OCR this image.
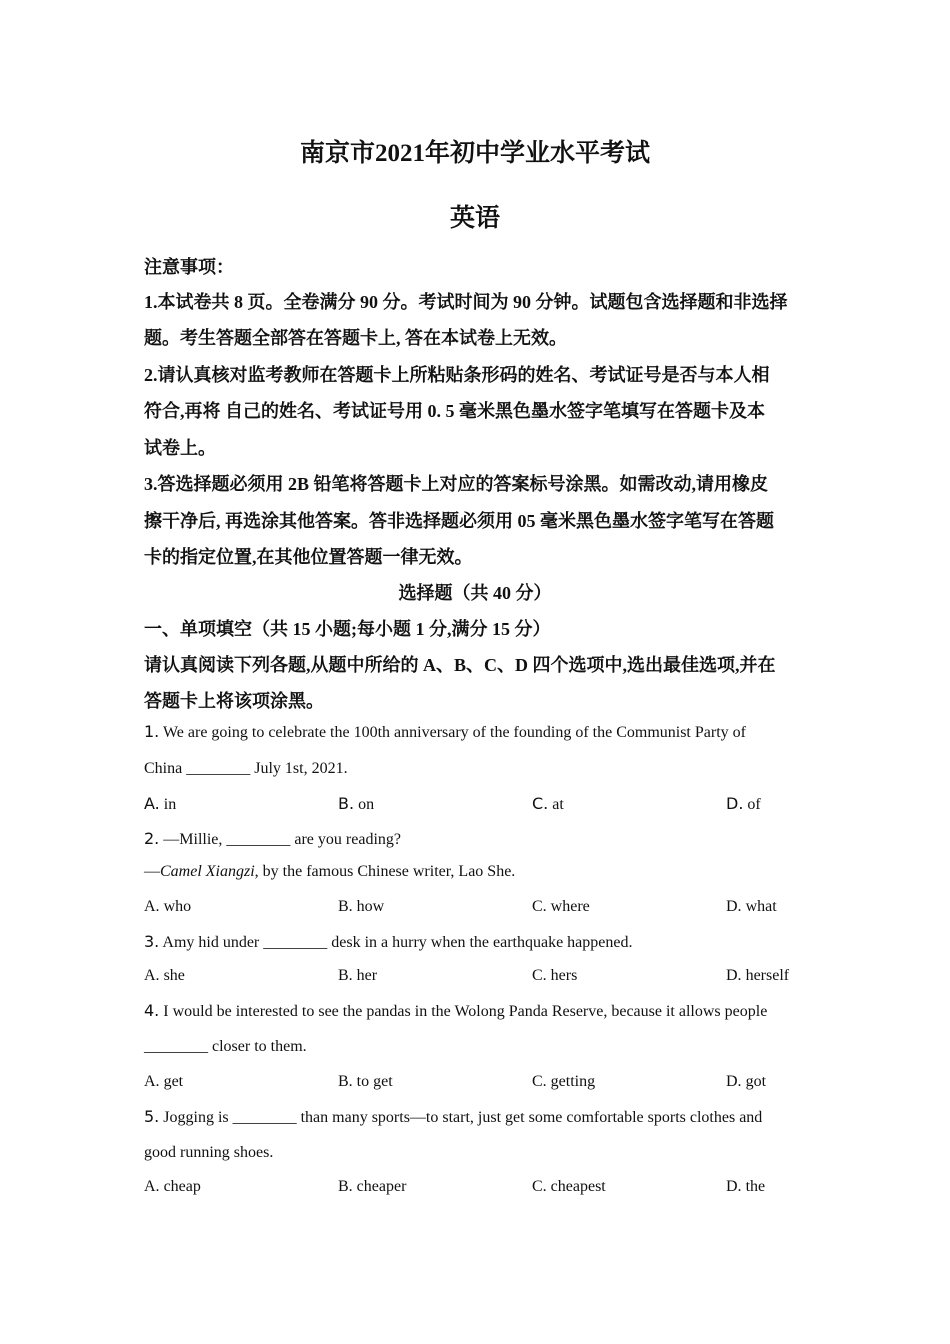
南京市2021年初中学业水平考试
英语
注意事项：
1.本试卷共 8 页。全卷满分 90 分。考试时间为 90 分钟。试题包含选择题和非选择
题。考生答题全部答在答题卡上, 答在本试卷上无效。
2.请认真核对监考教师在答题卡上所粘贴条形码的姓名、考试证号是否与本人相
符合,再将 自己的姓名、考试证号用 0. 5 毫米黑色墨水签字笔填写在答题卡及本
试卷上。
3.答选择题必须用 2B 铅笔将答题卡上对应的答案标号涂黑。如需改动,请用橡皮
擦干净后, 再选涂其他答案。答非选择题必须用 05 毫米黑色墨水签字笔写在答题
卡的指定位置,在其他位置答题一律无效。
选择题（共 40 分）
一、单项填空（共 15 小题;每小题 1 分,满分 15 分）
请认真阅读下列各题,从题中所给的 A、B、C、D 四个选项中,选出最佳选项,并在
答题卡上将该项涂黑。
1. We are going to celebrate the 100th anniversary of the founding of the Communist Party of
China ________ July 1st, 2021.
A. in	B. on	C. at	D. of
2. —Millie, ________ are you reading?
—Camel Xiangzi, by the famous Chinese writer, Lao She.
A. who	B. how	C. where	D. what
3. Amy hid under ________ desk in a hurry when the earthquake happened.
A. she	B. her	C. hers	D. herself
4. I would be interested to see the pandas in the Wolong Panda Reserve, because it allows people
________ closer to them.
A. get	B. to get	C. getting	D. got
5. Jogging is ________ than many sports—to start, just get some comfortable sports clothes and
good running shoes.
A. cheap	B. cheaper	C. cheapest	D. the
